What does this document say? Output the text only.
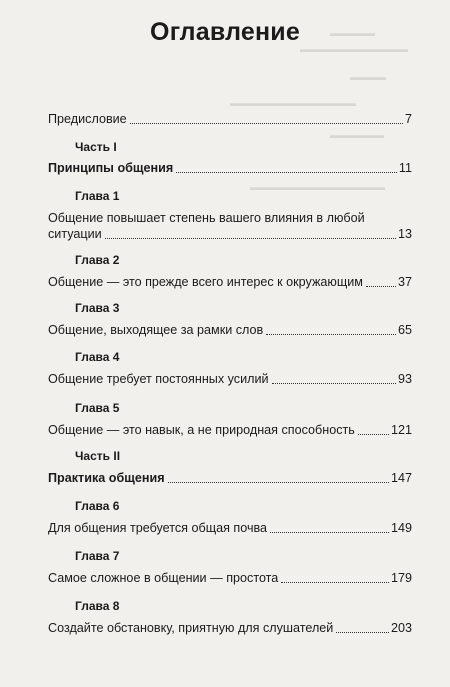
▬▬▬▬▬
▬▬▬▬▬▬▬▬▬▬▬▬
▬▬▬▬
▬▬▬▬▬▬▬▬▬▬▬▬▬▬
▬▬▬▬▬▬
▬▬▬▬▬▬▬▬▬▬▬▬▬▬▬
Оглавление
Предисловие	7
Часть I
Принципы общения	11
Глава 1
Общение повышает степень вашего влияния в любой
ситуации	13
Глава 2
Общение — это прежде всего интерес к окружающим	37
Глава 3
Общение, выходящее за рамки слов	65
Глава 4
Общение требует постоянных усилий	93
Глава 5
Общение — это навык, а не природная способность	121
Часть II
Практика общения	147
Глава 6
Для общения требуется общая почва	149
Глава 7
Самое сложное в общении — простота	179
Глава 8
Создайте обстановку, приятную для слушателей	203
